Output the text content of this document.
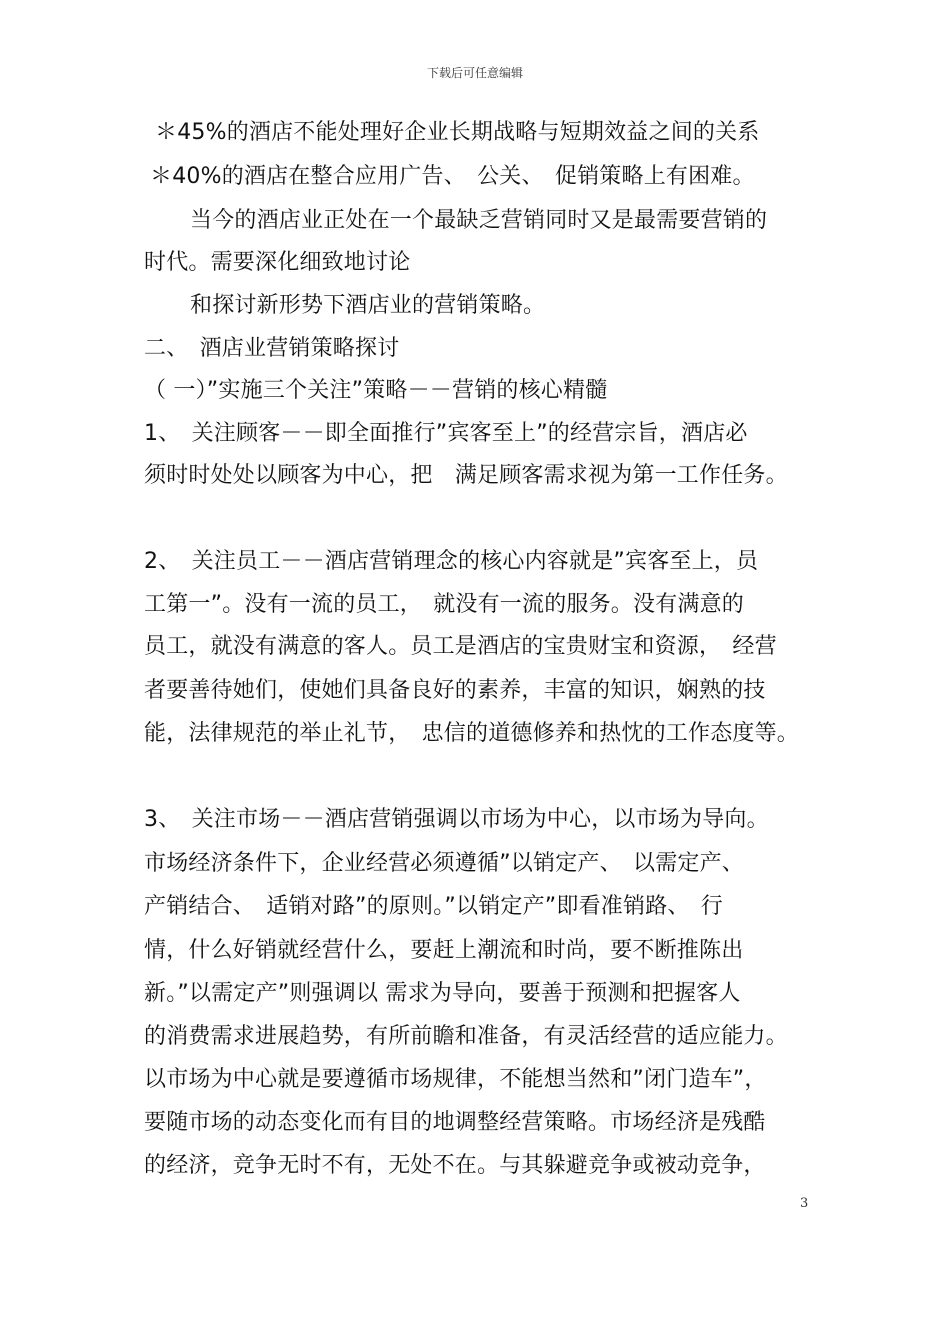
下载后可任意编辑
＊45%的酒店不能处理好企业长期战略与短期效益之间的关系
＊40%的酒店在整合应用广告、　公关、　促销策略上有困难。
当今的酒店业正处在一个最缺乏营销同时又是最需要营销的
时代。需要深化细致地讨论
和探讨新形势下酒店业的营销策略。
二、　酒店业营销策略探讨
（ 一）”实施三个关注”策略－－营销的核心精髓
1、　关注顾客－－即全面推行”宾客至上”的经营宗旨，酒店必
须时时处处以顾客为中心，把　满足顾客需求视为第一工作任务。
2、　关注员工－－酒店营销理念的核心内容就是”宾客至上，员
工第一”。没有一流的员工，　就没有一流的服务。没有满意的
员工，就没有满意的客人。员工是酒店的宝贵财宝和资源，　经营
者要善待她们，使她们具备良好的素养，丰富的知识，娴熟的技
能，法律规范的举止礼节，　忠信的道德修养和热忱的工作态度等。
3、　关注市场－－酒店营销强调以市场为中心，以市场为导向。
市场经济条件下，企业经营必须遵循”以销定产、　以需定产、
产销结合、　适销对路”的原则。”以销定产”即看准销路、　行
情，什么好销就经营什么，要赶上潮流和时尚，要不断推陈出
新。”以需定产”则强调以 需求为导向，要善于预测和把握客人
的消费需求进展趋势，有所前瞻和准备，有灵活经营的适应能力。
以市场为中心就是要遵循市场规律，不能想当然和”闭门造车”，
要随市场的动态变化而有目的地调整经营策略。市场经济是残酷
的经济，竞争无时不有，无处不在。与其躲避竞争或被动竞争，
3
